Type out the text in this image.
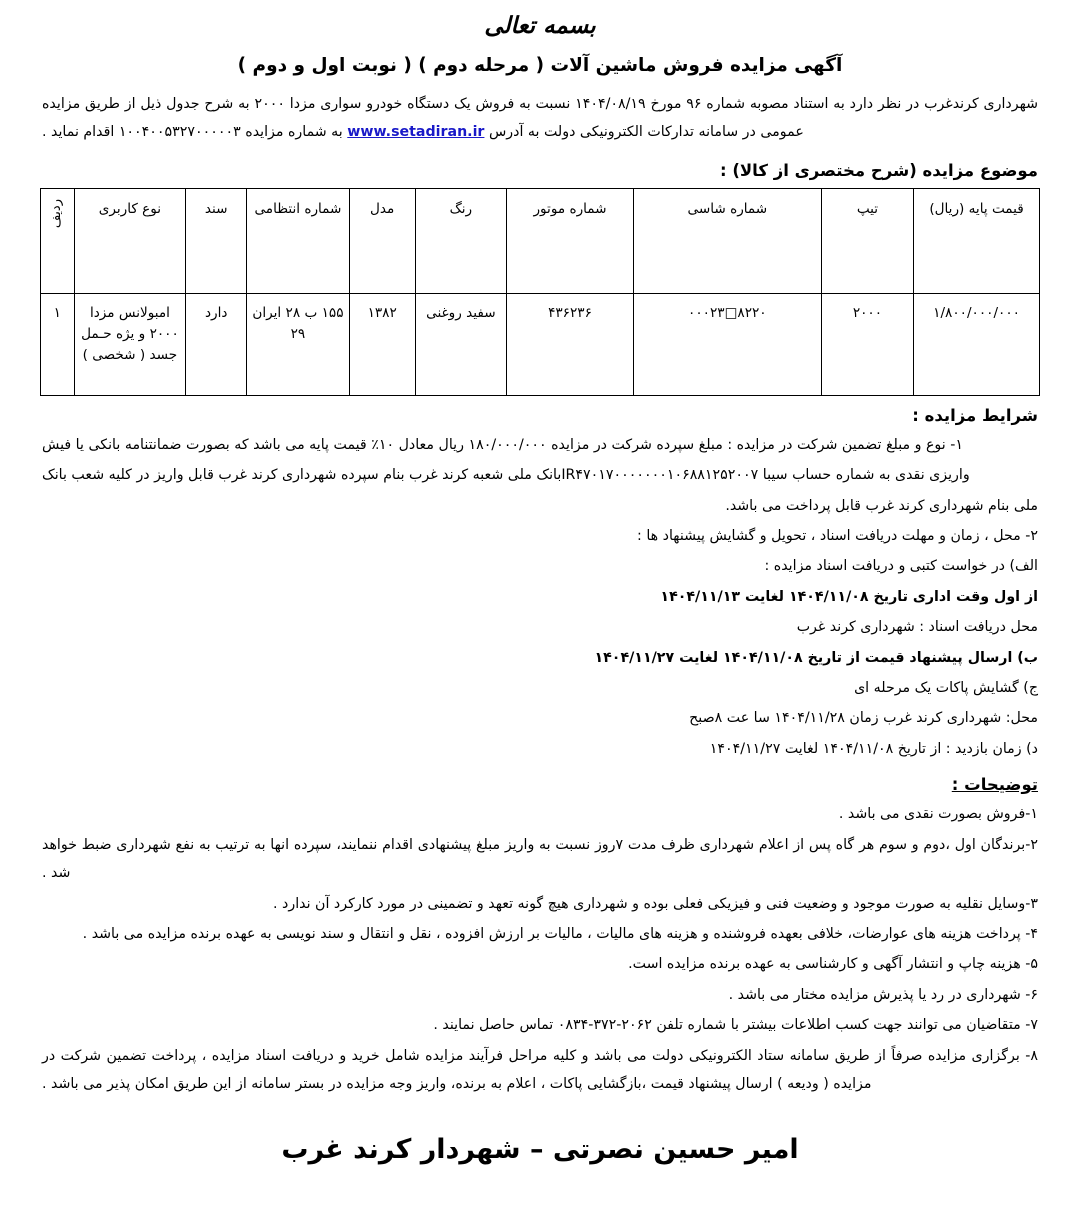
بسمه تعالی
آگهی مزایده فروش ماشین آلات ( مرحله دوم ) ( نوبت اول و دوم )
شهرداری کرندغرب در نظر دارد به استناد مصوبه شماره ۹۶ مورخ ۱۴۰۴/۰۸/۱۹ نسبت به فروش یک دستگاه خودرو سواری مزدا ۲۰۰۰ به شرح جدول ذیل از طریق مزایده عمومی در سامانه تدارکات الکترونیکی دولت به آدرس www.setadiran.ir به شماره مزایده ۱۰۰۴۰۰۵۳۲۷۰۰۰۰۰۳ اقدام نماید .
موضوع مزایده (شرح مختصری از کالا) :
قیمت پایه (ریال)	تیپ	شماره شاسی	شماره موتور	رنگ	مدل	شماره انتظامی	سند	نوع کاربری	ردیف
۱/۸۰۰/۰۰۰/۰۰۰	۲۰۰۰	۸۲۲۰□۰۰۰۲۳	۴۳۶۲۳۶	سفید روغنی	۱۳۸۲	۱۵۵ ب ۲۸ ایران ۲۹	دارد	امبولانس مزدا ۲۰۰۰ و یژه حـمل جسد ( شخصی )	۱
شرایط مزایده :
۱- نوع و مبلغ تضمین شرکت در مزایده : مبلغ سپرده شرکت در مزایده ۱۸۰/۰۰۰/۰۰۰ ریال معادل ۱۰٪ قیمت پایه می باشد که بصورت ضمانتنامه بانکی یا فیش
واریزی نقدی به شماره حساب سیبا IR۴۷۰۱۷۰۰۰۰۰۰۰۱۰۶۸۸۱۲۵۲۰۰۷بانک ملی شعبه کرند غرب بنام سپرده شهرداری کرند غرب قابل واریز در کلیه شعب بانک
ملی بنام شهرداری کرند غرب قابل پرداخت می باشد.
۲- محل ، زمان و مهلت دریافت اسناد ، تحویل و گشایش پیشنهاد ها :
الف) در خواست کتبی و دریافت اسناد مزایده :
از اول وقت اداری تاریخ ۱۴۰۴/۱۱/۰۸ لغایت ۱۴۰۴/۱۱/۱۳
محل دریافت اسناد : شهرداری کرند غرب
ب) ارسال پیشنهاد قیمت از تاریخ ۱۴۰۴/۱۱/۰۸ لغایت ۱۴۰۴/۱۱/۲۷
ج) گشایش پاکات یک مرحله ای
محل: شهرداری کرند غرب زمان ۱۴۰۴/۱۱/۲۸ سا عت ۸صبح
د) زمان بازدید : از تاریخ ۱۴۰۴/۱۱/۰۸ لغایت ۱۴۰۴/۱۱/۲۷
توضیحات :
۱-فروش بصورت نقدی می باشد .
۲-برندگان اول ،دوم و سوم هر گاه پس از اعلام شهرداری ظرف مدت ۷روز نسبت به واریز مبلغ پیشنهادی اقدام ننمایند، سپرده انها به ترتیب به نفع شهرداری ضبط خواهد شد .
۳-وسایل نقلیه به صورت موجود و وضعیت فنی و فیزیکی فعلی بوده و شهرداری هیچ گونه تعهد و تضمینی در مورد کارکرد آن ندارد .
۴- پرداخت هزینه های عوارضات، خلافی بعهده فروشنده و هزینه های مالیات ، مالیات بر ارزش افزوده ، نقل و انتقال و سند نویسی به عهده برنده مزایده می باشد .
۵- هزینه چاپ و انتشار آگهی و کارشناسی به عهده برنده مزایده است.
۶- شهرداری در رد یا پذیرش مزایده مختار می باشد .
۷- متقاضیان می توانند جهت کسب اطلاعات بیشتر با شماره تلفن ۲۰۶۲-۳۷۲-۰۸۳۴ تماس حاصل نمایند .
۸- برگزاری مزایده صرفاً از طریق سامانه ستاد الکترونیکی دولت می باشد و کلیه مراحل فرآیند مزایده شامل خرید و دریافت اسناد مزایده ، پرداخت تضمین شرکت در مزایده ( ودیعه ) ارسال پیشنهاد قیمت ،بازگشایی پاکات ، اعلام به برنده، واریز وجه مزایده در بستر سامانه از این طریق امکان پذیر می باشد .
امیر حسین نصرتی – شهردار کرند غرب
